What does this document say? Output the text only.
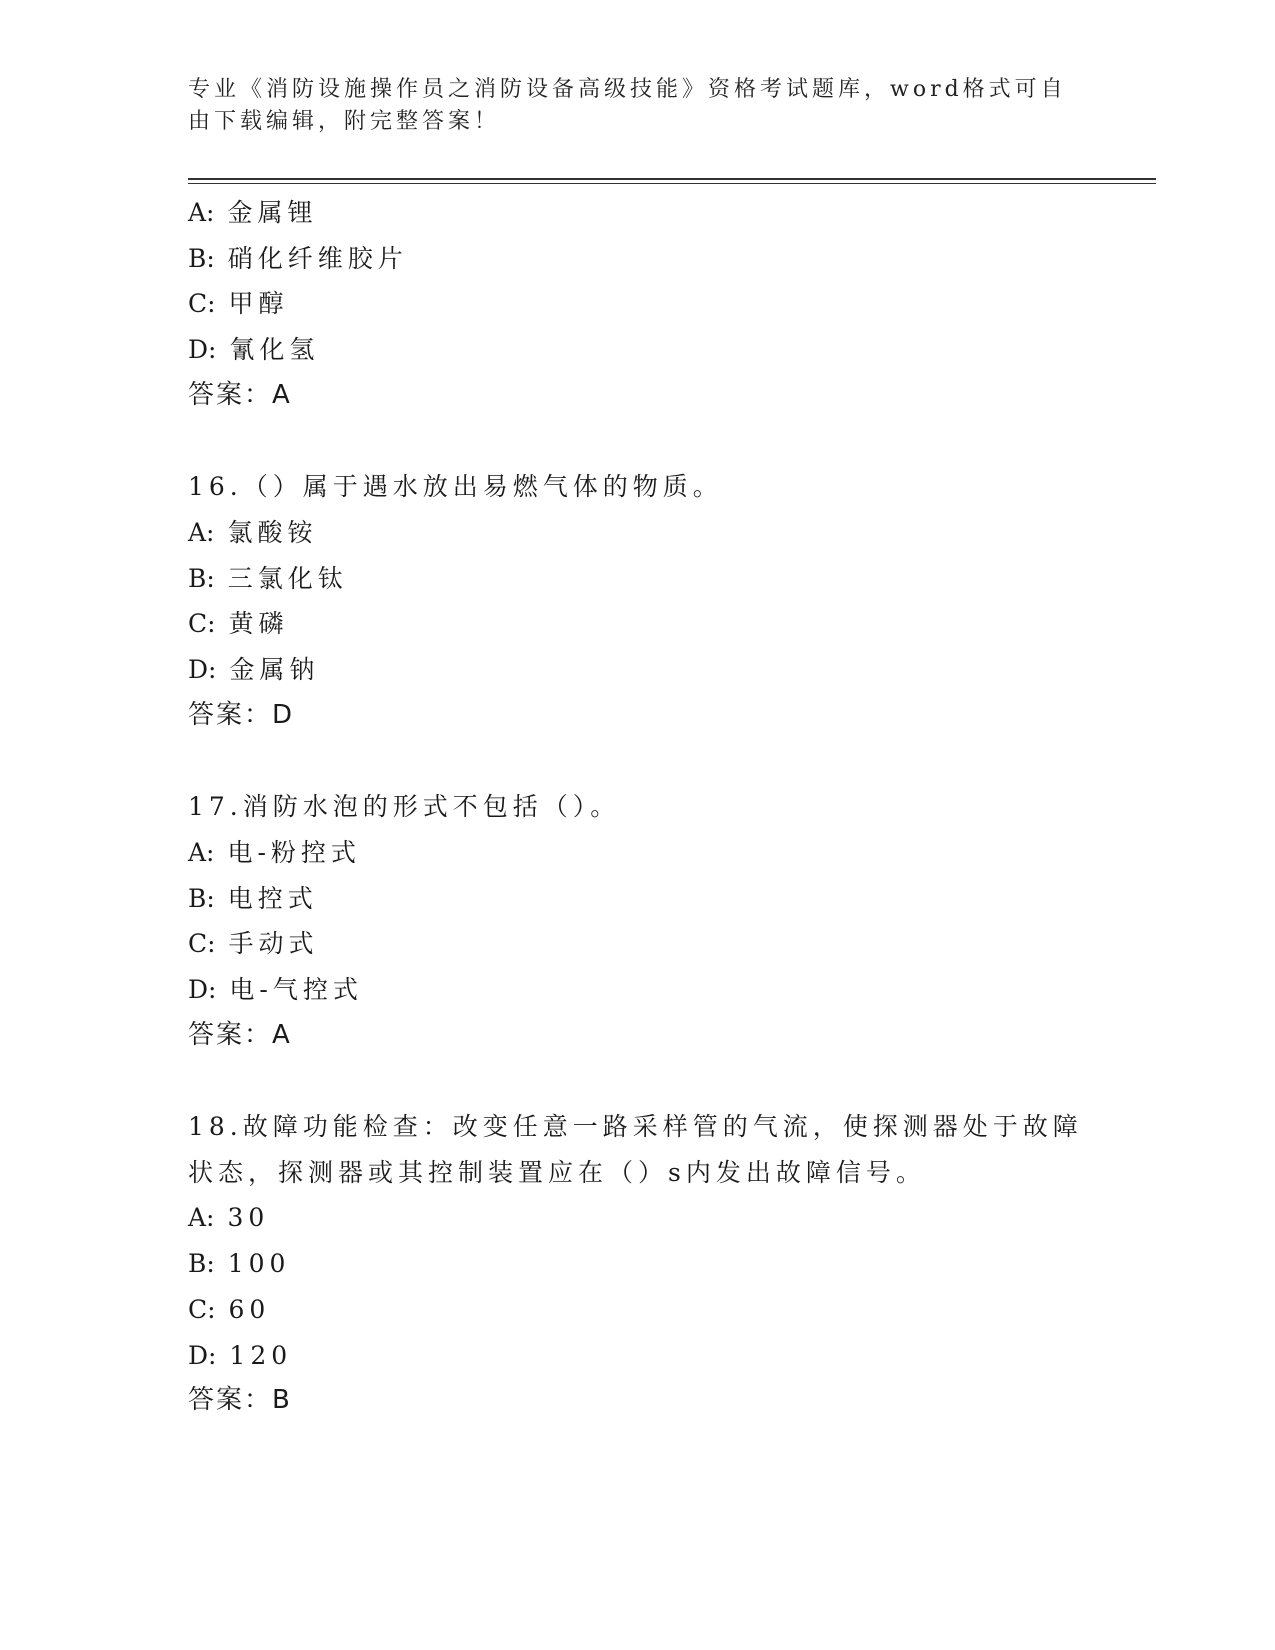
专业《消防设施操作员之消防设备高级技能》资格考试题库，word格式可自由下载编辑，附完整答案！
A: 金属锂
B: 硝化纤维胶片
C: 甲醇
D: 氰化氢
答案：A
16.（）属于遇水放出易燃气体的物质。
A: 氯酸铵
B: 三氯化钛
C: 黄磷
D: 金属钠
答案：D
17.消防水泡的形式不包括（）。
A: 电-粉控式
B: 电控式
C: 手动式
D: 电-气控式
答案：A
18.故障功能检查：改变任意一路采样管的气流，使探测器处于故障状态，探测器或其控制装置应在（）s内发出故障信号。
A: 30
B: 100
C: 60
D: 120
答案：B
